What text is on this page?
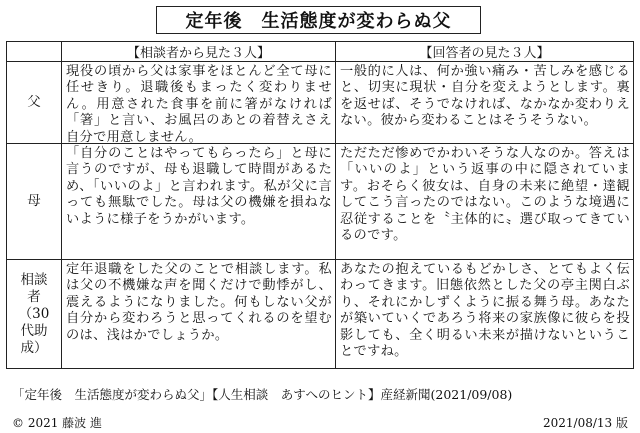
定年後　生活態度が変わらぬ父
【相談者から見た３人】	【回答者の見た３人】
父
現役の頃から父は家事をほとんど全て母に任せきり。退職後もまったく変わりません。用意された食事を前に箸がなければ「箸」と言い、お風呂のあとの着替えさえ自分で用意しません。
一般的に人は、何か強い痛み・苦しみを感じると、切実に現状・自分を変えようとします。裏を返せば、そうでなければ、なかなか変わりえない。彼から変わることはそうそうない。
母
「自分のことはやってもらったら」と母に言うのですが、母も退職して時間があるため、「いいのよ」と言われます。私が父に言っても無駄でした。母は父の機嫌を損ねないように様子をうかがいます。
ただただ惨めでかわいそうな人なのか。答えは「いいのよ」という返事の中に隠されています。おそらく彼女は、自身の未来に絶望・達観してこう言ったのではない。このような境遇に忍従することを〝主体的に〟選び取ってきているのです。
相談者（30代助成）
定年退職をした父のことで相談します。私は父の不機嫌な声を聞くだけで動悸がし、震えるようになりました。何もしない父が自分から変わろうと思ってくれるのを望むのは、浅はかでしょうか。
あなたの抱えているもどかしさ、とてもよく伝わってきます。旧態依然とした父の亭主関白ぶり、それにかしずくように振る舞う母。あなたが築いていくであろう将来の家族像に彼らを投影しても、全く明るい未来が描けないということですね。
「定年後　生活態度が変わらぬ父」【人生相談　あすへのヒント】産経新聞(2021/09/08)
© 2021 藤波 進	2021/08/13 版
